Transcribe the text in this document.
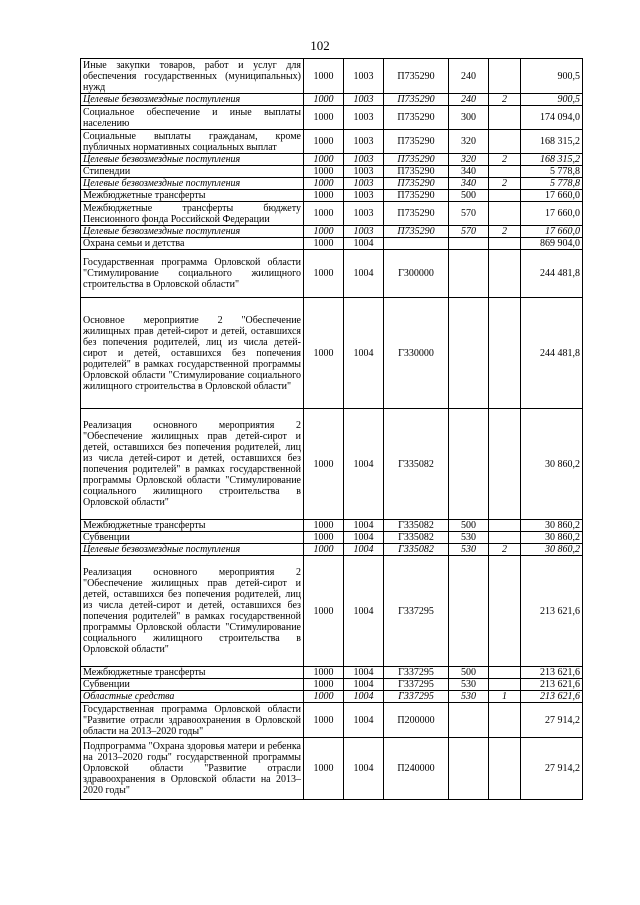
102
Иные закупки товаров, работ и услуг для обеспечения государственных (муниципальных) нужд	1000	1003	П735290	240		900,5
Целевые безвозмездные поступления	1000	1003	П735290	240	2	900,5
Социальное обеспечение и иные выплаты населению	1000	1003	П735290	300		174 094,0
Социальные выплаты гражданам, кроме публичных нормативных социальных выплат	1000	1003	П735290	320		168 315,2
Целевые безвозмездные поступления	1000	1003	П735290	320	2	168 315,2
Стипендии	1000	1003	П735290	340		5 778,8
Целевые безвозмездные поступления	1000	1003	П735290	340	2	5 778,8
Межбюджетные трансферты	1000	1003	П735290	500		17 660,0
Межбюджетные трансферты бюджету Пенсионного фонда Российской Федерации	1000	1003	П735290	570		17 660,0
Целевые безвозмездные поступления	1000	1003	П735290	570	2	17 660,0
Охрана семьи и детства	1000	1004				869 904,0
Государственная программа Орловской области "Стимулирование социального жилищного строительства в Орловской области"	1000	1004	Г300000			244 481,8
Основное мероприятие 2 "Обеспечение жилищных прав детей-сирот и детей, оставшихся без попечения родителей, лиц из числа детей-сирот и детей, оставшихся без попечения родителей" в рамках государственной программы Орловской области "Стимулирование социального жилищного строительства в Орловской области"	1000	1004	Г330000			244 481,8
Реализация основного мероприятия 2 "Обеспечение жилищных прав детей-сирот и детей, оставшихся без попечения родителей, лиц из числа детей-сирот и детей, оставшихся без попечения родителей" в рамках государственной программы Орловской области "Стимулирование социального жилищного строительства в Орловской области"	1000	1004	Г335082			30 860,2
Межбюджетные трансферты	1000	1004	Г335082	500		30 860,2
Субвенции	1000	1004	Г335082	530		30 860,2
Целевые безвозмездные поступления	1000	1004	Г335082	530	2	30 860,2
Реализация основного мероприятия 2 "Обеспечение жилищных прав детей-сирот и детей, оставшихся без попечения родителей, лиц из числа детей-сирот и детей, оставшихся без попечения родителей" в рамках государственной программы Орловской области "Стимулирование социального жилищного строительства в Орловской области"	1000	1004	Г337295			213 621,6
Межбюджетные трансферты	1000	1004	Г337295	500		213 621,6
Субвенции	1000	1004	Г337295	530		213 621,6
Областные средства	1000	1004	Г337295	530	1	213 621,6
Государственная программа Орловской области "Развитие отрасли здравоохранения в Орловской области на 2013–2020 годы"	1000	1004	П200000			27 914,2
Подпрограмма "Охрана здоровья матери и ребенка на 2013–2020 годы" государственной программы Орловской области "Развитие отрасли здравоохранения в Орловской области на 2013–2020 годы"	1000	1004	П240000			27 914,2
